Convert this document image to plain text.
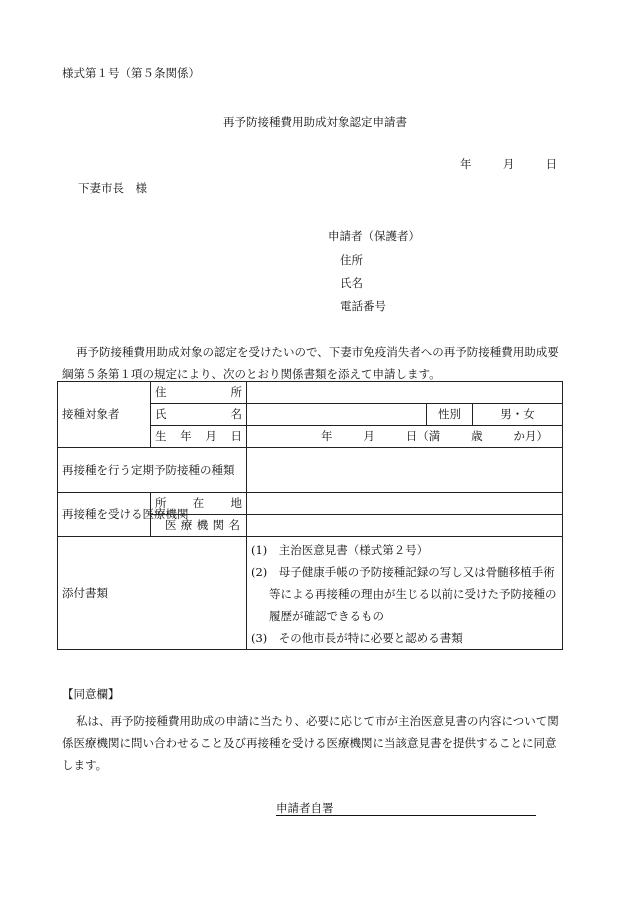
様式第１号（第５条関係）
再予防接種費用助成対象認定申請書
年	月	日
下妻市長　様
申請者（保護者）
住所
氏名
電話番号
再予防接種費用助成対象の認定を受けたいので、下妻市免疫消失者への再予防接種費用助成要綱第５条第１項の規定により、次のとおり関係書類を添えて申請します。
接種対象者	住　所			
	氏　名		性別	男・女
	生年月日	年 月 日（満 歳 か月）		

再接種を行う定期予防接種の種類				
再接種を受ける医療機関	所在地			
	医療機関名			
添付書類		(1)　主治医意見書（様式第２号）
(2)　母子健康手帳の予防接種記録の写し又は骨髄移植手術等による再接種の理由が生じる以前に受けた予防接種の履歴が確認できるもの
(3)　その他市長が特に必要と認める書類		
【同意欄】
私は、再予防接種費用助成の申請に当たり、必要に応じて市が主治医意見書の内容について関係医療機関に問い合わせること及び再接種を受ける医療機関に当該意見書を提供することに同意します。
申請者自署
